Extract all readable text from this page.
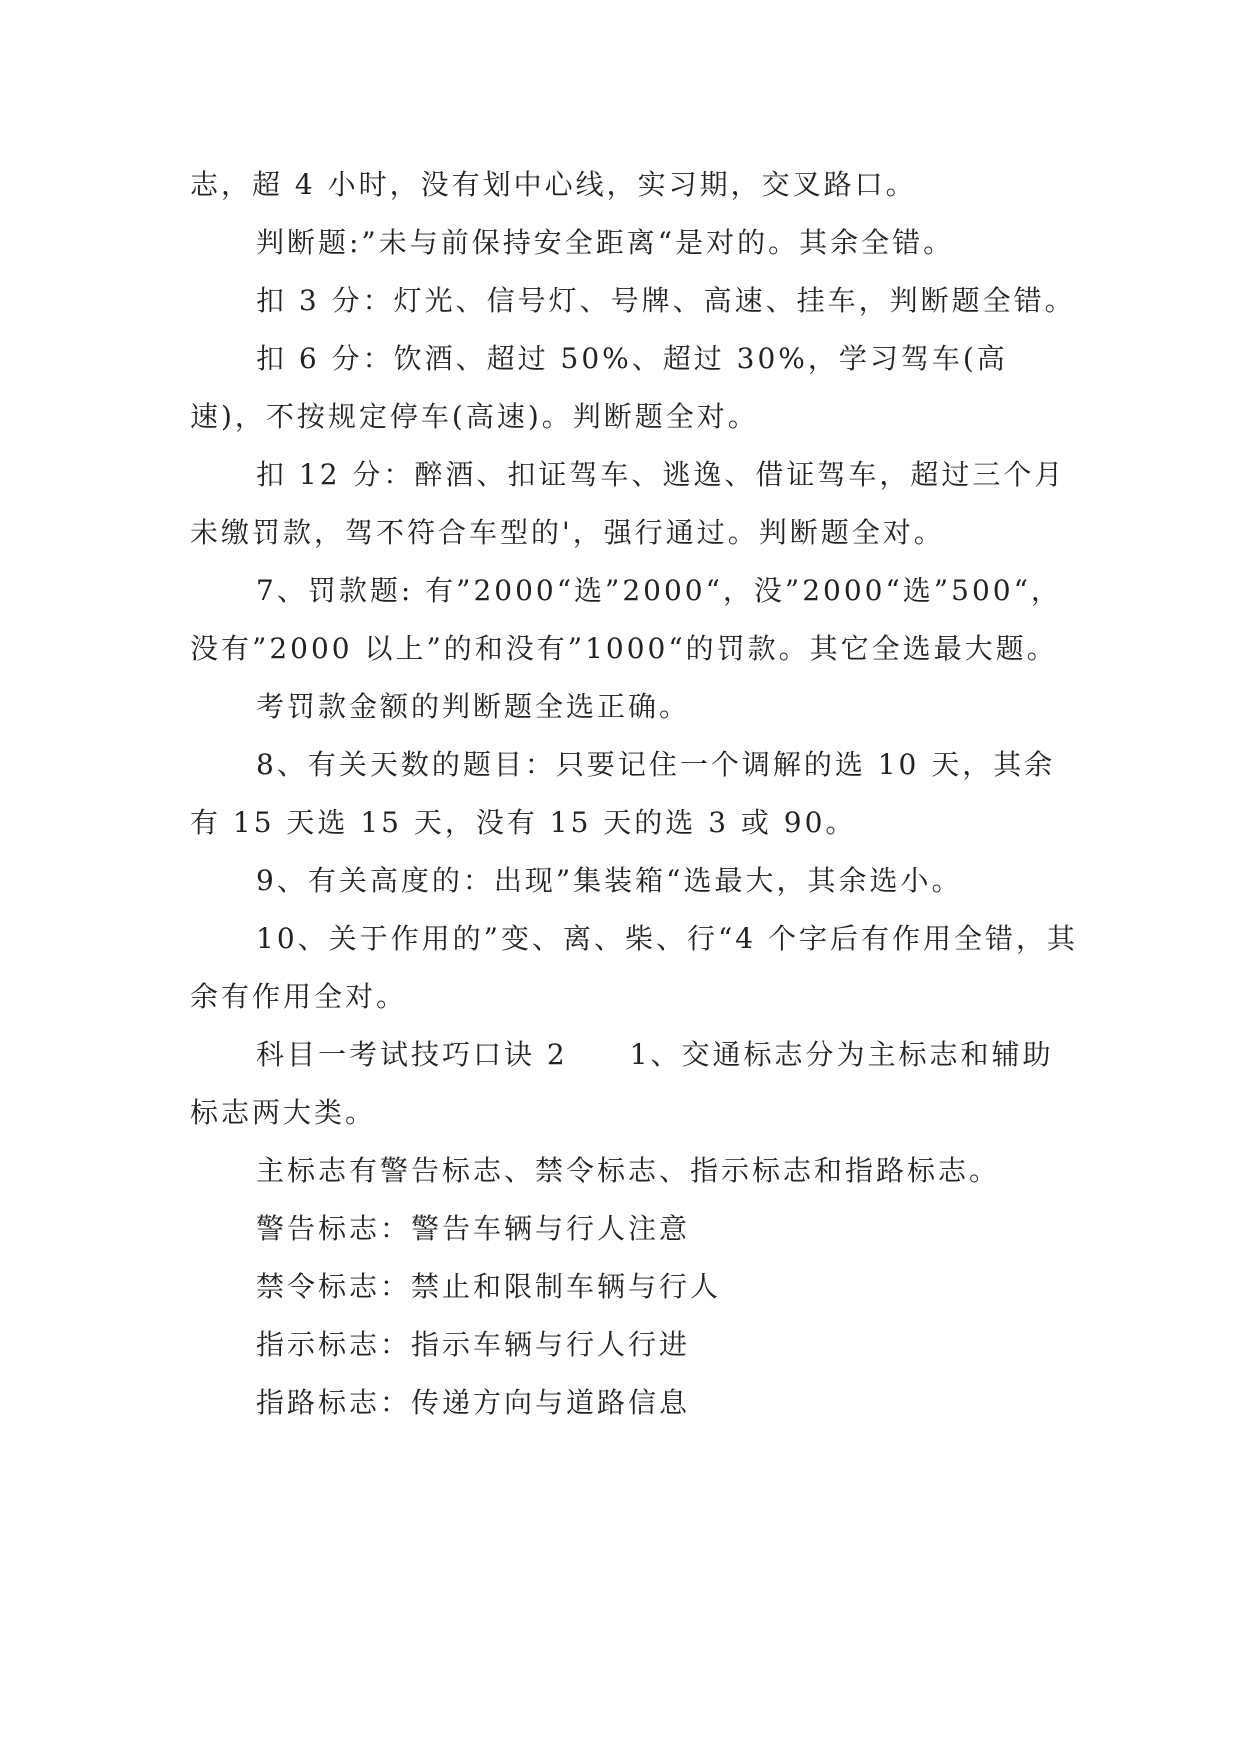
志，超 4 小时，没有划中心线，实习期，交叉路口。

判断题:”未与前保持安全距离“是对的。其余全错。

扣 3 分：灯光、信号灯、号牌、高速、挂车，判断题全错。

扣 6 分：饮酒、超过 50%、超过 30%，学习驾车(高速)，不按规定停车(高速)。判断题全对。

扣 12 分：醉酒、扣证驾车、逃逸、借证驾车，超过三个月未缴罚款，驾不符合车型的'，强行通过。判断题全对。

7、罚款题: 有”2000“选”2000“，没”2000“选”500“，没有”2000 以上”的和没有”1000“的罚款。其它全选最大题。

考罚款金额的判断题全选正确。

8、有关天数的题目：只要记住一个调解的选 10 天，其余有 15 天选 15 天，没有 15 天的选 3 或 90。

9、有关高度的：出现”集装箱“选最大，其余选小。

10、关于作用的”变、离、柴、行“4 个字后有作用全错，其余有作用全对。

科目一考试技巧口诀 2　　1、交通标志分为主标志和辅助标志两大类。

主标志有警告标志、禁令标志、指示标志和指路标志。

警告标志：警告车辆与行人注意

禁令标志：禁止和限制车辆与行人

指示标志：指示车辆与行人行进

指路标志：传递方向与道路信息
